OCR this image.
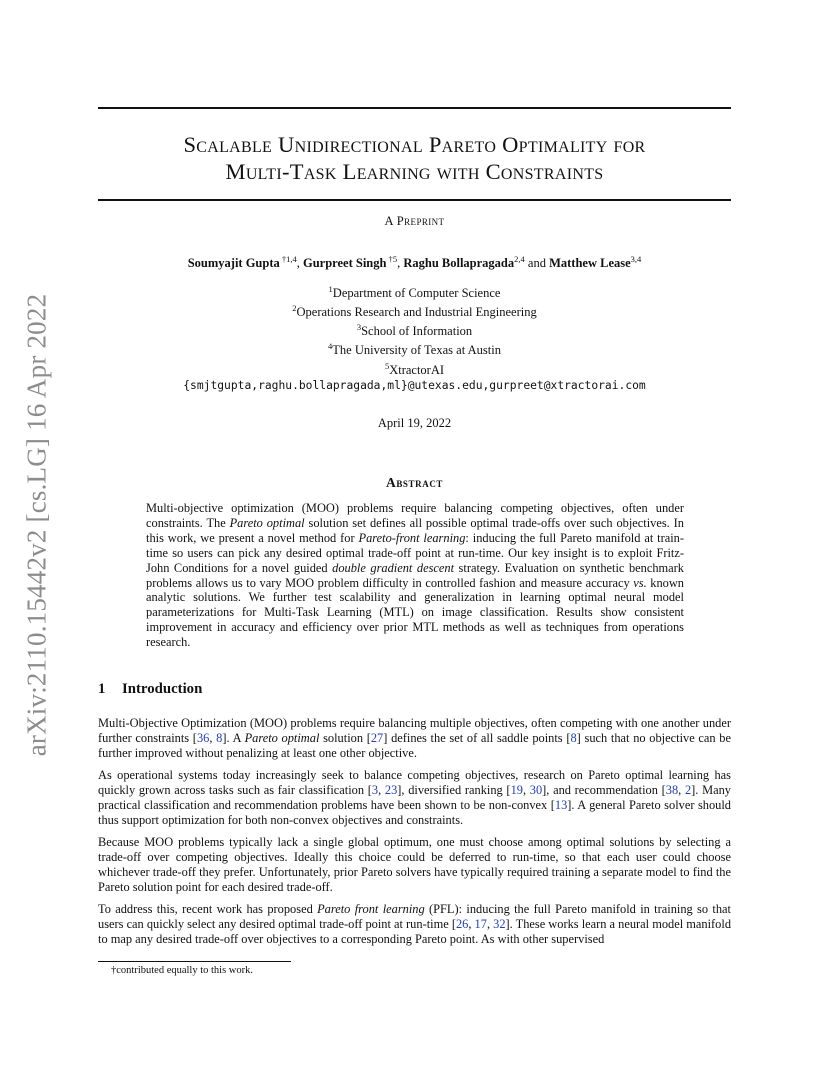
arXiv:2110.15442v2 [cs.LG] 16 Apr 2022
Scalable Unidirectional Pareto Optimality for
Multi-Task Learning with Constraints
A Preprint
Soumyajit Gupta $^{\dagger 1,4}$, Gurpreet Singh $^{\dagger 5}$, Raghu Bollapragada$^{2,4}$ and Matthew Lease$^{3,4}$
$^1$Department of Computer Science
$^2$Operations Research and Industrial Engineering
$^3$School of Information
$^4$The University of Texas at Austin
$^5$XtractorAI
{smjtgupta,raghu.bollapragada,ml}@utexas.edu,gurpreet@xtractorai.com
April 19, 2022
Abstract
Multi-objective optimization (MOO) problems require balancing competing objectives, often under constraints. The Pareto optimal solution set defines all possible optimal trade-offs over such objectives. In this work, we present a novel method for Pareto-front learning: inducing the full Pareto manifold at train-time so users can pick any desired optimal trade-off point at run-time. Our key insight is to exploit Fritz-John Conditions for a novel guided double gradient descent strategy. Evaluation on synthetic benchmark problems allows us to vary MOO problem difficulty in controlled fashion and measure accuracy vs. known analytic solutions. We further test scalability and generalization in learning optimal neural model parameterizations for Multi-Task Learning (MTL) on image classification. Results show consistent improvement in accuracy and efficiency over prior MTL methods as well as techniques from operations research.
1 Introduction
Multi-Objective Optimization (MOO) problems require balancing multiple objectives, often competing with one another under further constraints [36, 8]. A Pareto optimal solution [27] defines the set of all saddle points [8] such that no objective can be further improved without penalizing at least one other objective.
As operational systems today increasingly seek to balance competing objectives, research on Pareto optimal learning has quickly grown across tasks such as fair classification [3, 23], diversified ranking [19, 30], and recommendation [38, 2]. Many practical classification and recommendation problems have been shown to be non-convex [13]. A general Pareto solver should thus support optimization for both non-convex objectives and constraints.
Because MOO problems typically lack a single global optimum, one must choose among optimal solutions by selecting a trade-off over competing objectives. Ideally this choice could be deferred to run-time, so that each user could choose whichever trade-off they prefer. Unfortunately, prior Pareto solvers have typically required training a separate model to find the Pareto solution point for each desired trade-off.
To address this, recent work has proposed Pareto front learning (PFL): inducing the full Pareto manifold in training so that users can quickly select any desired optimal trade-off point at run-time [26, 17, 32]. These works learn a neural model manifold to map any desired trade-off over objectives to a corresponding Pareto point. As with other supervised
†contributed equally to this work.
